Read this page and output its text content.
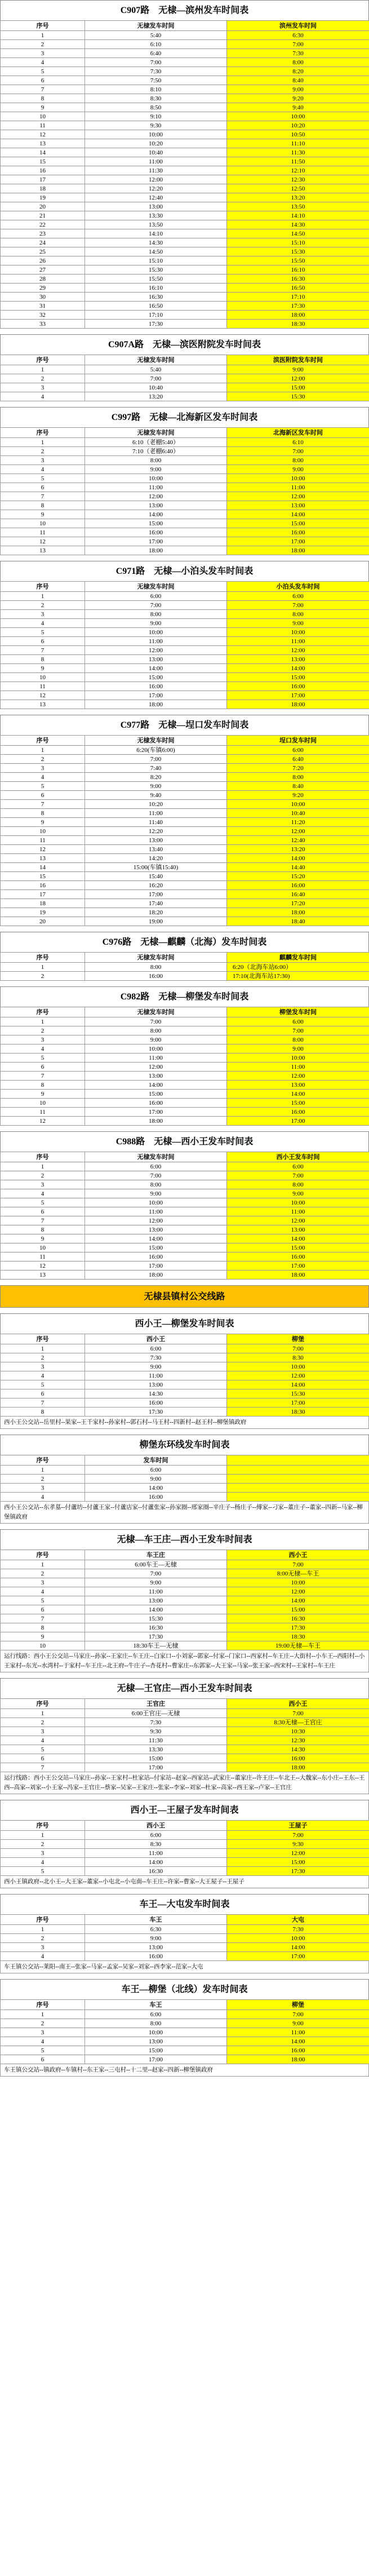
C907路　无棣—滨州发车时间表
序号	无棣发车时间	滨州发车时间
1	5:40	6:30
2	6:10	7:00
3	6:40	7:30
4	7:00	8:00
5	7:30	8:20
6	7:50	8:40
7	8:10	9:00
8	8:30	9:20
9	8:50	9:40
10	9:10	10:00
11	9:30	10:20
12	10:00	10:50
13	10:20	11:10
14	10:40	11:30
15	11:00	11:50
16	11:30	12:10
17	12:00	12:30
18	12:20	12:50
19	12:40	13:20
20	13:00	13:50
21	13:30	14:10
22	13:50	14:30
23	14:10	14:50
24	14:30	15:10
25	14:50	15:30
26	15:10	15:50
27	15:30	16:10
28	15:50	16:30
29	16:10	16:50
30	16:30	17:10
31	16:50	17:30
32	17:10	18:00
33	17:30	18:30
C907A路　无棣—滨医附院发车时间表
序号	无棣发车时间	滨医附院发车时间
1	5:40	9:00
2	7:00	12:00
3	10:40	15:00
4	13:20	15:30
C997路　无棣—北海新区发车时间表
序号	无棣发车时间	北海新区发车时间
1	6:10（老棚5:40）	6:10
2	7:10（老棚6:40）	7:00
3	8:00	8:00
4	9:00	9:00
5	10:00	10:00
6	11:00	11:00
7	12:00	12:00
8	13:00	13:00
9	14:00	14:00
10	15:00	15:00
11	16:00	16:00
12	17:00	17:00
13	18:00	18:00
C971路　无棣—小泊头发车时间表
序号	无棣发车时间	小泊头发车时间
1	6:00	6:00
2	7:00	7:00
3	8:00	8:00
4	9:00	9:00
5	10:00	10:00
6	11:00	11:00
7	12:00	12:00
8	13:00	13:00
9	14:00	14:00
10	15:00	15:00
11	16:00	16:00
12	17:00	17:00
13	18:00	18:00
C977路　无棣—埕口发车时间表
序号	无棣发车时间	埕口发车时间
1	6:20(车镇6:00)	6:00
2	7:00	6:40
3	7:40	7:20
4	8:20	8:00
5	9:00	8:40
6	9:40	9:20
7	10:20	10:00
8	11:00	10:40
9	11:40	11:20
10	12:20	12:00
11	13:00	12:40
12	13:40	13:20
13	14:20	14:00
14	15:00(车镇15:40)	14:40
15	15:40	15:20
16	16:20	16:00
17	17:00	16:40
18	17:40	17:20
19	18:20	18:00
20	19:00	18:40
C976路　无棣—麒麟（北海）发车时间表
序号	无棣发车时间	麒麟发车时间
1	8:00	6:20（北海车站6:00）
2	16:00	17:10(北海车站17:30)
C982路　无棣—柳堡发车时间表
序号	无棣发车时间	柳堡发车时间
1	7:00	6:00
2	8:00	7:00
3	9:00	8:00
4	10:00	9:00
5	11:00	10:00
6	12:00	11:00
7	13:00	12:00
8	14:00	13:00
9	15:00	14:00
10	16:00	15:00
11	17:00	16:00
12	18:00	17:00
C988路　无棣—西小王发车时间表
序号	无棣发车时间	西小王发车时间
1	6:00	6:00
2	7:00	7:00
3	8:00	8:00
4	9:00	9:00
5	10:00	10:00
6	11:00	11:00
7	12:00	12:00
8	13:00	13:00
9	14:00	14:00
10	15:00	15:00
11	16:00	16:00
12	17:00	17:00
13	18:00	18:00
无棣县镇村公交线路
西小王—柳堡发车时间表
序号	西小王	柳堡
1	6:00	7:00
2	7:30	8:30
3	9:00	10:00
4	11:00	12:00
5	13:00	14:00
6	14:30	15:30
7	16:00	17:00
8	17:30	18:30
西小王公交站--岳里村--果家--王千家村--孙家村--郭石村--马王村--四新村--赵王村--柳堡镇政府
柳堡东环线发车时间表
序号	发车时间	
1	6:00	
2	9:00	
3	14:00	
4	16:00	
西小王公交站--东孝墓--付蘆坊--付蘆王家--付蘆店家--付蘆张家--孙家圈--邢家圈--辛庄子--杨庄子--傅家--刁家--董庄子--董家--四新--马家--柳堡镇政府
无棣—车王庄—西小王发车时间表
序号	车王庄	西小王
1	6:00车王—无棣	7:00
2	7:00	8:00无棣—车王
3	9:00	10:00
4	11:00	12:00
5	13:00	14:00
6	14:00	15:00
7	15:30	16:30
8	16:30	17:30
9	17:30	18:30
10	18:30车王—无棣	19:00无棣—车王
运行线路：西小王公交站--马家庄--孙家--王家庄--车王庄--白家口--小刘家--郭家--付家--门家口--西家村--车王庄--大街村--小车王--西阳村--小王家村--东光--水湾村--于家村--车王庄--北王府--牛庄子--杏花村--曹家庄--东郭家--大王家--马家--张王家--西宋村--王家村--车王庄
无棣—王官庄—西小王发车时间表
序号	王官庄	西小王
1	6:00王官庄—无棣	7:00
2	7:30	8:30无棣—王官庄
3	9:30	10:30
4	11:30	12:30
5	13:30	14:30
6	15:00	16:00
7	17:00	18:00
运行线路：西小王公交站--马家庄--孙家--王家村--杜家站--付家站--赵家--西家站--武家庄--董家庄--许王庄--车北王--大魏家--东小庄--王东--王西--高家--刘家--小王家--冯家--王官庄--蔡家--吴家--王家庄--张家--李家--刘家--杜家--高家--西王家--卢家--王官庄
西小王—王屋子发车时间表
序号	西小王	王屋子
1	6:00	7:00
2	8:30	9:30
3	11:00	12:00
4	14:00	15:00
5	16:30	17:30
西小王镇政府--北小王--大王家--董家--小屯北--小屯南--车王庄--许家--曹家--大王屋子--王屋子
车王—大屯发车时间表
序号	车王	大屯
1	6:30	7:30
2	9:00	10:00
3	13:00	14:00
4	16:00	17:00
车王镇公交站--莱阳--南王--张家--马家--孟家--吴家--刘家--西李家--范家--大屯
车王—柳堡（北线）发车时间表
序号	车王	柳堡
1	6:00	7:00
2	8:00	9:00
3	10:00	11:00
4	13:00	14:00
5	15:00	16:00
6	17:00	18:00
车王镇公交站--镇政府--车镇村--东王家--三屯村--十二里--赵家--四新--柳堡镇政府
